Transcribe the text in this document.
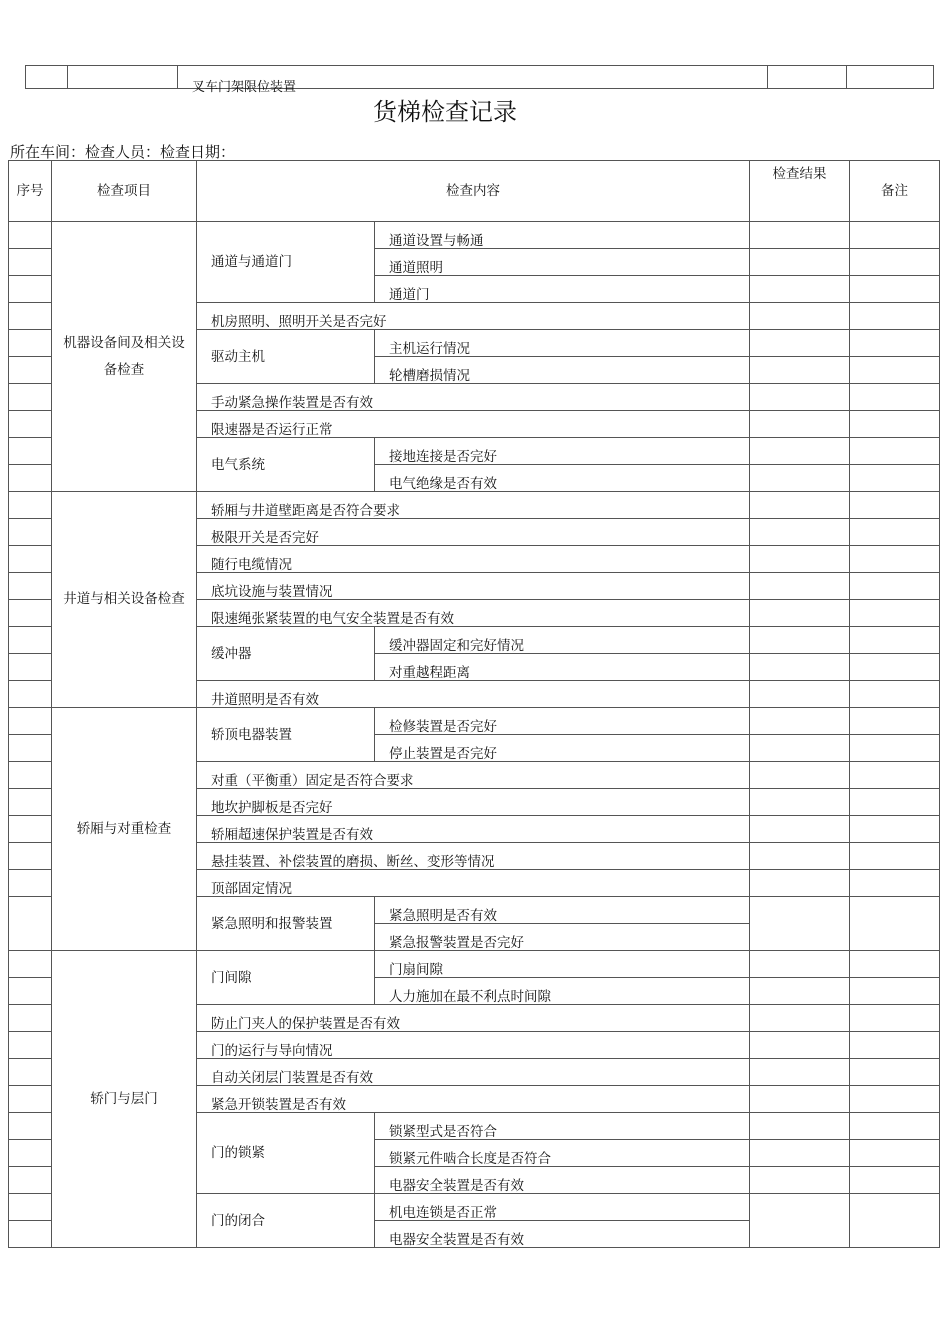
		叉车门架限位装置		
货梯检查记录
所在车间：检查人员：检查日期：
序号	检查项目	检查内容		检查结果	备注
	机器设备间及相关设备检查	通道与通道门	通道设置与畅通		
			通道照明		
			通道门		
		机房照明、照明开关是否完好			
		驱动主机	主机运行情况		
			轮槽磨损情况		
		手动紧急操作装置是否有效			
		限速器是否运行正常			
		电气系统	接地连接是否完好		
			电气绝缘是否有效		
	井道与相关设备检查	轿厢与井道壁距离是否符合要求			
		极限开关是否完好			
		随行电缆情况			
		底坑设施与装置情况			
		限速绳张紧装置的电气安全装置是否有效			
		缓冲器	缓冲器固定和完好情况		
			对重越程距离		
		井道照明是否有效			
	轿厢与对重检查	轿顶电器装置	检修装置是否完好		
			停止装置是否完好		
		对重（平衡重）固定是否符合要求			
		地坎护脚板是否完好			
		轿厢超速保护装置是否有效			
		悬挂装置、补偿装置的磨损、断丝、变形等情况			
		顶部固定情况			
		紧急照明和报警装置	紧急照明是否有效		
			紧急报警装置是否完好		
	轿门与层门	门间隙	门扇间隙		
			人力施加在最不利点时间隙		
		防止门夹人的保护装置是否有效			
		门的运行与导向情况			
		自动关闭层门装置是否有效			
		紧急开锁装置是否有效			
		门的锁紧	锁紧型式是否符合		
			锁紧元件啮合长度是否符合		
			电器安全装置是否有效		
		门的闭合	机电连锁是否正常		
			电器安全装置是否有效		
